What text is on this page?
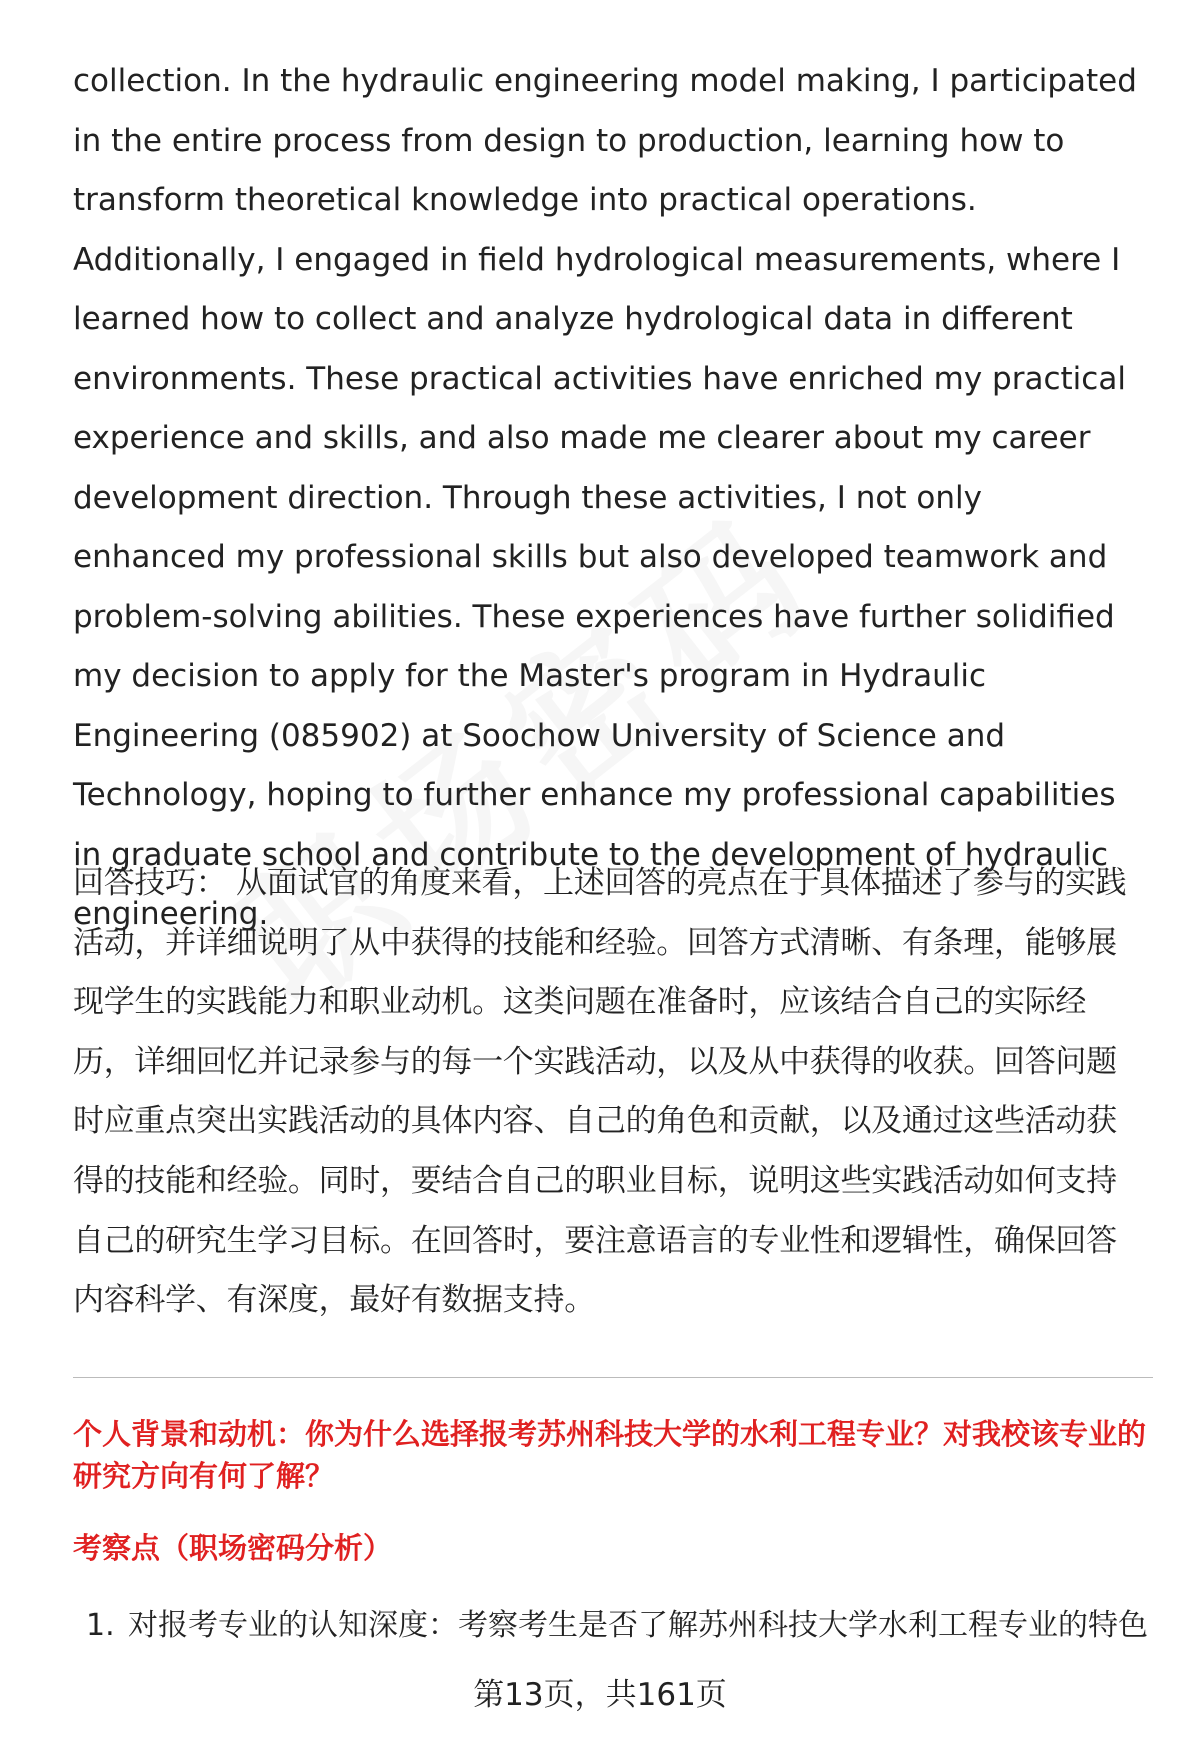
collection. In the hydraulic engineering model making, I participated in the entire process from design to production, learning how to transform theoretical knowledge into practical operations. Additionally, I engaged in field hydrological measurements, where I learned how to collect and analyze hydrological data in different environments. These practical activities have enriched my practical experience and skills, and also made me clearer about my career development direction. Through these activities, I not only enhanced my professional skills but also developed teamwork and problem-solving abilities. These experiences have further solidified my decision to apply for the Master's program in Hydraulic Engineering (085902) at Soochow University of Science and Technology, hoping to further enhance my professional capabilities in graduate school and contribute to the development of hydraulic engineering.

回答技巧： 从面试官的角度来看，上述回答的亮点在于具体描述了参与的实践活动，并详细说明了从中获得的技能和经验。回答方式清晰、有条理，能够展现学生的实践能力和职业动机。这类问题在准备时，应该结合自己的实际经历，详细回忆并记录参与的每一个实践活动，以及从中获得的收获。回答问题时应重点突出实践活动的具体内容、自己的角色和贡献，以及通过这些活动获得的技能和经验。同时，要结合自己的职业目标，说明这些实践活动如何支持自己的研究生学习目标。在回答时，要注意语言的专业性和逻辑性，确保回答内容科学、有深度，最好有数据支持。

个人背景和动机：你为什么选择报考苏州科技大学的水利工程专业？对我校该专业的研究方向有何了解？

考察点（职场密码分析）

1. 对报考专业的认知深度：考察考生是否了解苏州科技大学水利工程专业的特色
第13页，共161页
